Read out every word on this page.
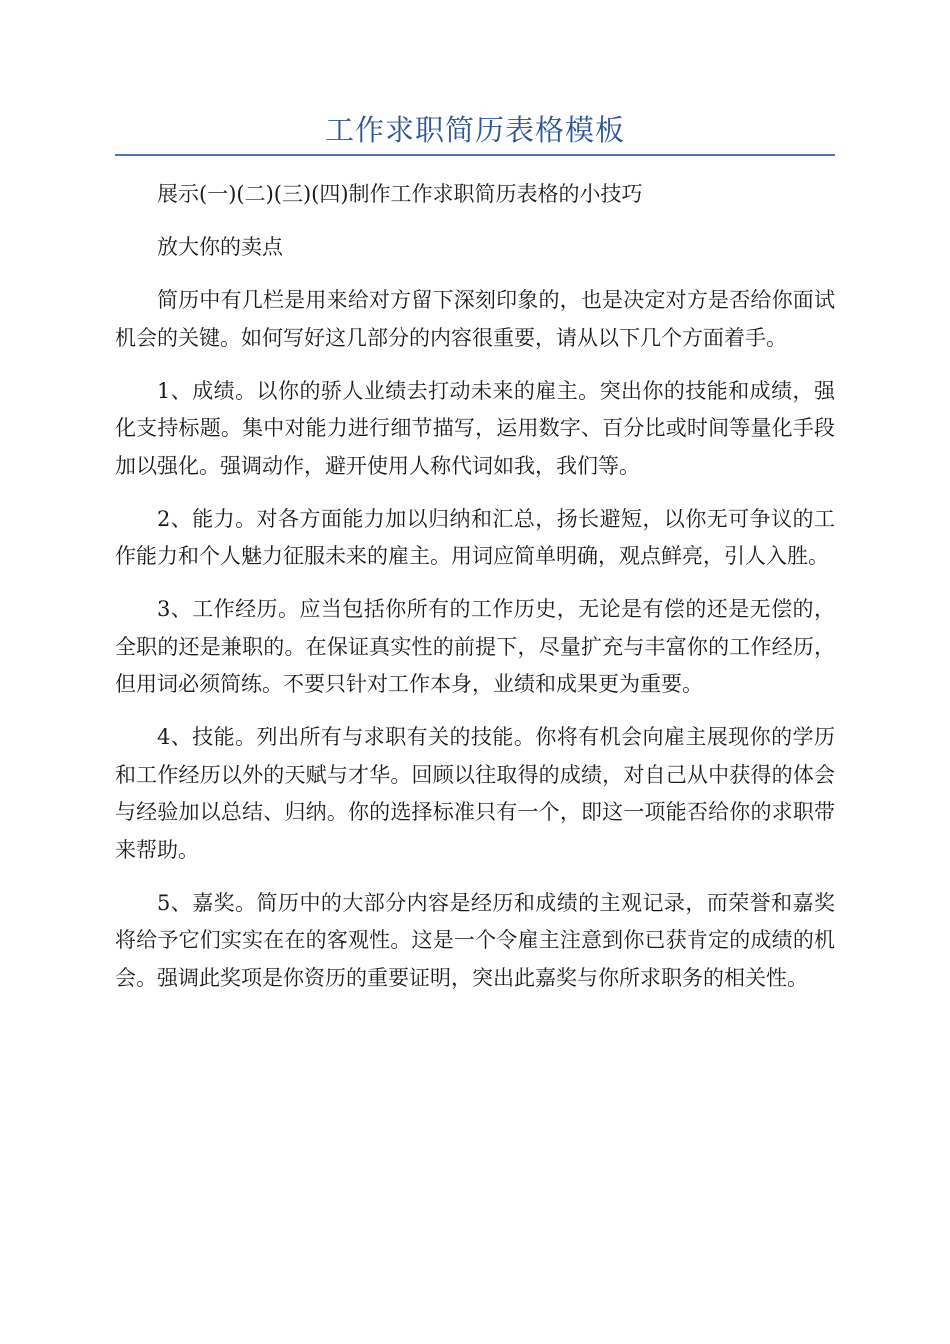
工作求职简历表格模板

展示(一)(二)(三)(四)制作工作求职简历表格的小技巧

放大你的卖点

简历中有几栏是用来给对方留下深刻印象的，也是决定对方是否给你面试机会的关键。如何写好这几部分的内容很重要，请从以下几个方面着手。

1、成绩。以你的骄人业绩去打动未来的雇主。突出你的技能和成绩，强化支持标题。集中对能力进行细节描写，运用数字、百分比或时间等量化手段加以强化。强调动作，避开使用人称代词如我，我们等。

2、能力。对各方面能力加以归纳和汇总，扬长避短，以你无可争议的工作能力和个人魅力征服未来的雇主。用词应简单明确，观点鲜亮，引人入胜。

3、工作经历。应当包括你所有的工作历史，无论是有偿的还是无偿的，全职的还是兼职的。在保证真实性的前提下，尽量扩充与丰富你的工作经历，但用词必须简练。不要只针对工作本身，业绩和成果更为重要。

4、技能。列出所有与求职有关的技能。你将有机会向雇主展现你的学历和工作经历以外的天赋与才华。回顾以往取得的成绩，对自己从中获得的体会与经验加以总结、归纳。你的选择标准只有一个，即这一项能否给你的求职带来帮助。

5、嘉奖。简历中的大部分内容是经历和成绩的主观记录，而荣誉和嘉奖将给予它们实实在在的客观性。这是一个令雇主注意到你已获肯定的成绩的机会。强调此奖项是你资历的重要证明，突出此嘉奖与你所求职务的相关性。
